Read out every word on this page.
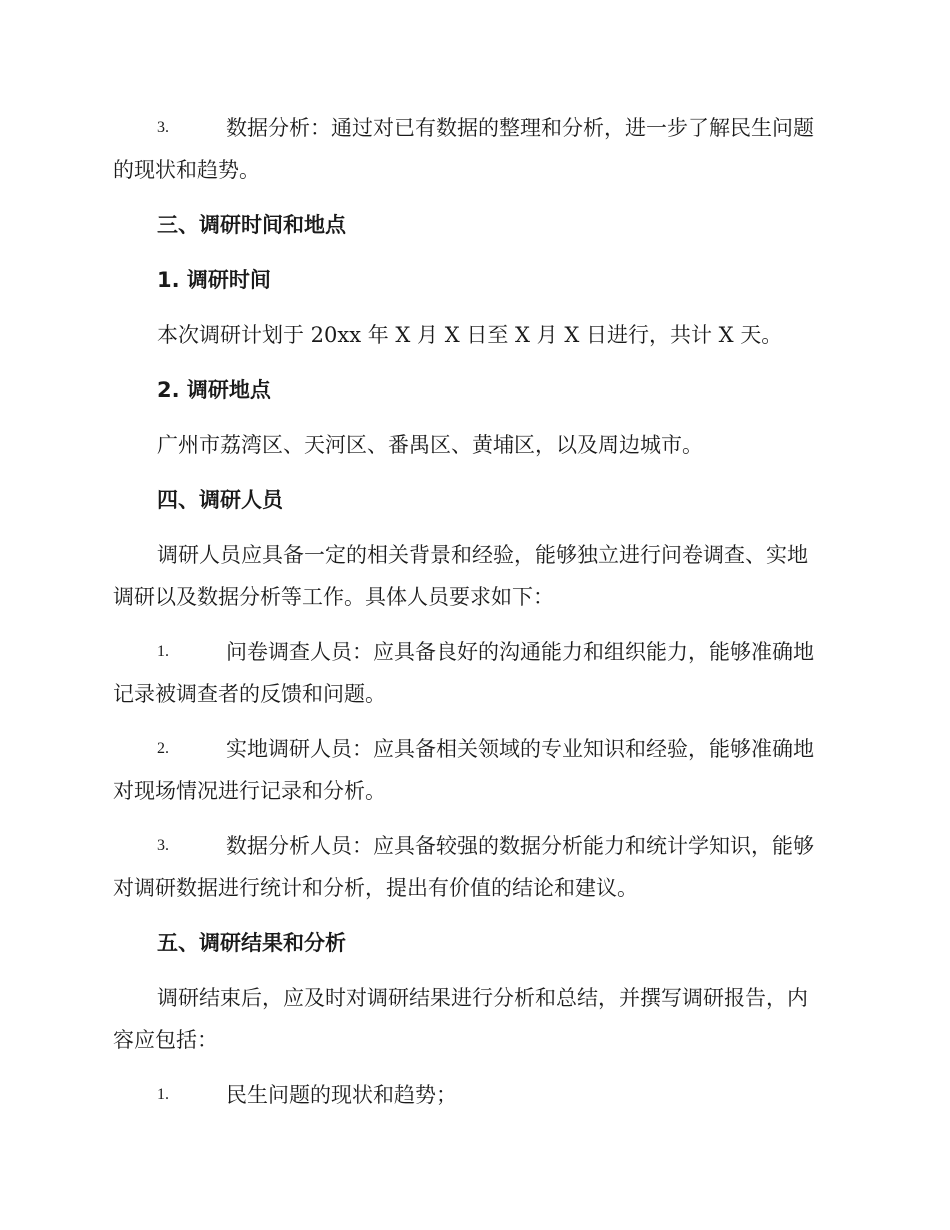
3.	数据分析：通过对已有数据的整理和分析，进一步了解民生问题
的现状和趋势。
三、调研时间和地点
1. 调研时间
本次调研计划于 20xx 年 X 月 X 日至 X 月 X 日进行，共计 X 天。
2. 调研地点
广州市荔湾区、天河区、番禺区、黄埔区，以及周边城市。
四、调研人员
调研人员应具备一定的相关背景和经验，能够独立进行问卷调查、实地
调研以及数据分析等工作。具体人员要求如下：
1.	问卷调查人员：应具备良好的沟通能力和组织能力，能够准确地
记录被调查者的反馈和问题。
2.	实地调研人员：应具备相关领域的专业知识和经验，能够准确地
对现场情况进行记录和分析。
3.	数据分析人员：应具备较强的数据分析能力和统计学知识，能够
对调研数据进行统计和分析，提出有价值的结论和建议。
五、调研结果和分析
调研结束后，应及时对调研结果进行分析和总结，并撰写调研报告，内
容应包括：
1.	民生问题的现状和趋势；
